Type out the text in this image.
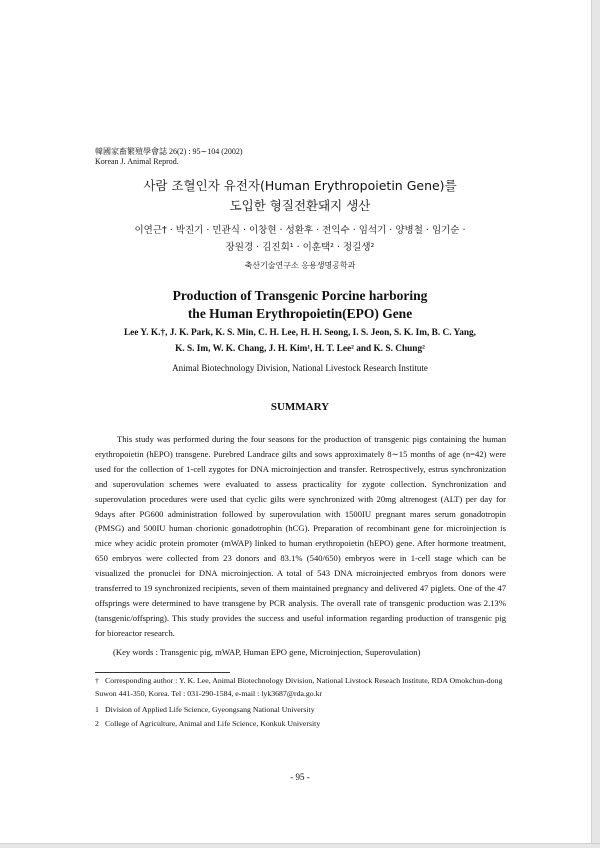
韓國家畜繁殖學會誌 26(2) : 95∼104 (2002)
Korean J. Animal Reprod.
사람 조혈인자 유전자(Human Erythropoietin Gene)를
도입한 형질전환돼지 생산
이연근† · 박진기 · 민관식 · 이창현 · 성환후 · 전익수 · 임석기 · 양병철 · 임기순 ·
장원경 · 김진회¹ · 이훈택² · 정길생²
축산기술연구소 응용생명공학과
Production of Transgenic Porcine harboring
the Human Erythropoietin(EPO) Gene
Lee Y. K.†, J. K. Park, K. S. Min, C. H. Lee, H. H. Seong, I. S. Jeon, S. K. Im, B. C. Yang,
K. S. Im, W. K. Chang, J. H. Kim¹, H. T. Lee² and K. S. Chung²
Animal Biotechnology Division, National Livestock Research Institute
SUMMARY

This study was performed during the four seasons for the production of transgenic pigs containing the human erythropoietin (hEPO) transgene. Purebred Landrace gilts and sows approximately 8∼15 months of age (n=42) were used for the collection of 1-cell zygotes for DNA microinjection and transfer. Retrospectively, estrus synchronization and superovulation schemes were evaluated to assess practicality for zygote collection. Synchronization and superovulation procedures were used that cyclic gilts were synchronized with 20mg altrenogest (ALT) per day for 9days after PG600 administration followed by superovulation with 1500IU pregnant mares serum gonadotropin (PMSG) and 500IU human chorionic gonadotrophin (hCG). Preparation of recombinant gene for microinjection is mice whey acidic protein promoter (mWAP) linked to human erythropoietin (hEPO) gene. After hormone treatment, 650 embryos were collected from 23 donors and 83.1% (540/650) embryos were in 1-cell stage which can be visualized the pronuclei for DNA microinjection. A total of 543 DNA microinjected embryos from donors were transferred to 19 synchronized recipients, seven of them maintained pregnancy and delivered 47 piglets. One of the 47 offsprings were determined to have transgene by PCR analysis. The overall rate of transgenic production was 2.13% (tansgenic/offspring). This study provides the success and useful information regarding production of transgenic pig for bioreactor research.

(Key words : Transgenic pig, mWAP, Human EPO gene, Microinjection, Superovulation)
† Corresponding author : Y. K. Lee, Animal Biotechnology Division, National Livstock Reseach Institute, RDA Omokchun-dong Suwon 441-350, Korea. Tel : 031-290-1584, e-mail : lyk3687@rda.go.kr
1 Division of Applied Life Science, Gyeongsang National University
2 College of Agriculture, Animal and Life Science, Konkuk University
- 95 -
